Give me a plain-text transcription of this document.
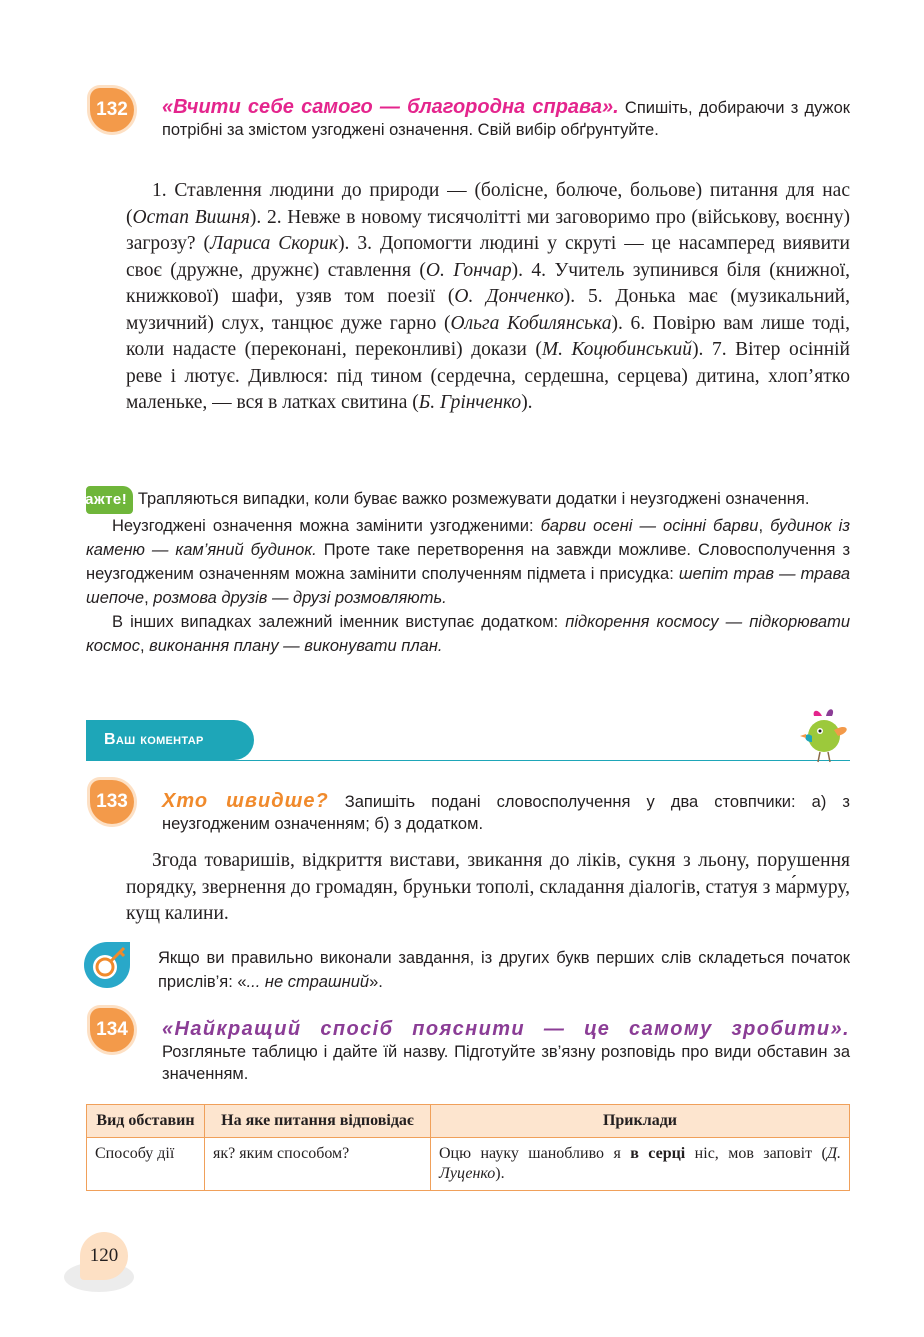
132 «Вчити себе самого — благородна справа». Спишіть, добираючи з дужок потрібні за змістом узгоджені означення. Свій вибір обґрунтуйте.
1. Ставлення людини до природи — (болісне, болюче, больове) питання для нас (Остап Вишня). 2. Невже в новому тисячолітті ми заговоримо про (військову, воєнну) загрозу? (Лариса Скорик). 3. Допомогти людині у скруті — це насамперед виявити своє (дружне, дружнє) ставлення (О. Гончар). 4. Учитель зупинився біля (книжної, книжкової) шафи, узяв том поезії (О. Донченко). 5. Донька має (музикальний, музичний) слух, танцює дуже гарно (Ольга Кобилянська). 6. Повірю вам лише тоді, коли надасте (переконані, переконливі) докази (М. Коцюбинський). 7. Вітер осінній реве і лютує. Дивлюся: під тином (сердечна, сердешна, серцева) дитина, хлоп’ятко маленьке, — вся в латках свитина (Б. Грінченко).
Зауважте! Трапляються випадки, коли буває важко розмежувати додатки і неузгоджені означення.
Неузгоджені означення можна замінити узгодженими: барви осені — осінні барви, будинок із каменю — кам’яний будинок. Проте таке перетворення на завжди можливе. Словосполучення з неузгодженим означенням можна замінити сполученням підмета і присудка: шепіт трав — трава шепоче, розмова друзів — друзі розмовляють.
В інших випадках залежний іменник виступає додатком: підкорення космосу — підкорювати космос, виконання плану — виконувати план.
Ваш коментар
133 Хто швидше? Запишіть подані словосполучення у два стовпчики: а) з неузгодженим означенням; б) з додатком.
Згода товаришів, відкриття вистави, звикання до ліків, сукня з льону, порушення порядку, звернення до громадян, бруньки тополі, складання діалогів, статуя з ма́рмуру, кущ калини.
Якщо ви правильно виконали завдання, із других букв перших слів складеться початок прислів’я: «... не страшний».
134 «Найкращий спосіб пояснити — це самому зробити». Розгляньте таблицю і дайте їй назву. Підготуйте зв’язну розповідь про види обставин за значенням.
Вид обставин	На яке питання відповідає	Приклади
Способу дії	як? яким способом?	Оцю науку шанобливо я в серці ніс, мов заповіт (Д. Луценко).
120
